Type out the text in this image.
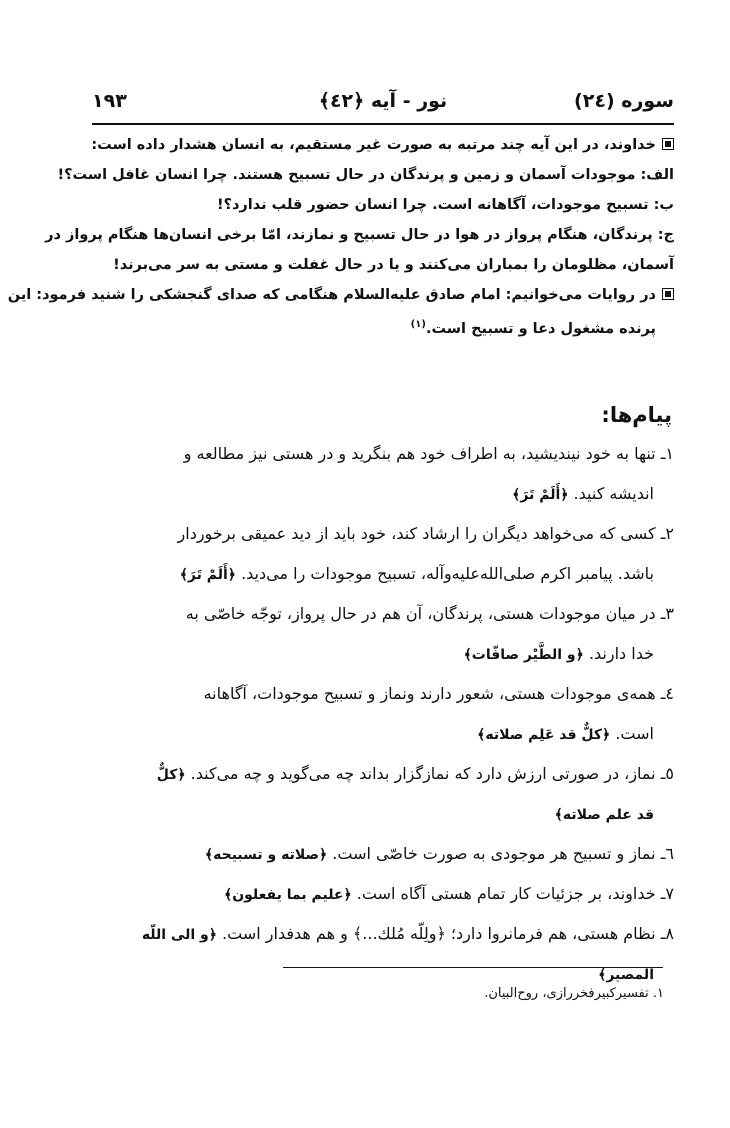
سوره (٢٤)
نور - آيه ﴿٤٢﴾
١٩٣
خداوند، در اين آيه چند مرتبه به صورت غير مستقيم، به انسان هشدار داده است:
الف: موجودات آسمان و زمين و پرندگان در حال تسبيح هستند. چرا انسان غافل است؟!
ب: تسبيح موجودات، آگاهانه است. چرا انسان حضور قلب ندارد؟!
ج: پرندگان، هنگام پرواز در هوا در حال تسبيح و نمازند، امّا برخى انسان‌ها هنگام پرواز در
آسمان، مظلومان را بمباران مى‌كنند و يا در حال غفلت و مستى به سر مى‌برند!
در روايات مى‌خوانيم: امام صادق عليه‌السلام هنگامى كه صداى گنجشكى را شنيد فرمود: اين
پرنده مشغول دعا و تسبيح است.$^{(١)}$
پيام‌ها:
١ـ تنها به خود نينديشيد، به اطراف خود هم بنگريد و در هستى نيز مطالعه و
انديشه كنيد. ﴿أَلَمْ تَرَ﴾
٢ـ كسى كه مى‌خواهد ديگران را ارشاد كند، خود بايد از ديد عميقى برخوردار
باشد. پيامبر اكرم صلى‌الله‌عليه‌وآله، تسبيح موجودات را مى‌ديد. ﴿أَلَمْ تَرَ﴾
٣ـ در ميان موجودات هستى، پرندگان، آن هم در حال پرواز، توجّه خاصّى به
خدا دارند. ﴿و الطَّيْر صافّات﴾
٤ـ همه‌ى موجودات هستى، شعور دارند ونماز و تسبيح موجودات، آگاهانه
است. ﴿كلٌّ قد عَلِم صلاته﴾
٥ـ نماز، در صورتى ارزش دارد كه نمازگزار بداند چه مى‌گويد و چه مى‌كند. ﴿كلٌّ
قد علم صلاته﴾
٦ـ نماز و تسبيح هر موجودى به صورت خاصّى است. ﴿صلاته و تسبيحه﴾
٧ـ خداوند، بر جزئيات كار تمام هستى آگاه است. ﴿عليم بما يفعلون﴾
٨ـ نظام هستى، هم فرمانروا دارد؛ ﴿ولِلّه مُلك...﴾ و هم هدفدار است. ﴿و الى اللّه
المصير﴾
١. تفسيركبيرفخررازى، روح‌البيان.
